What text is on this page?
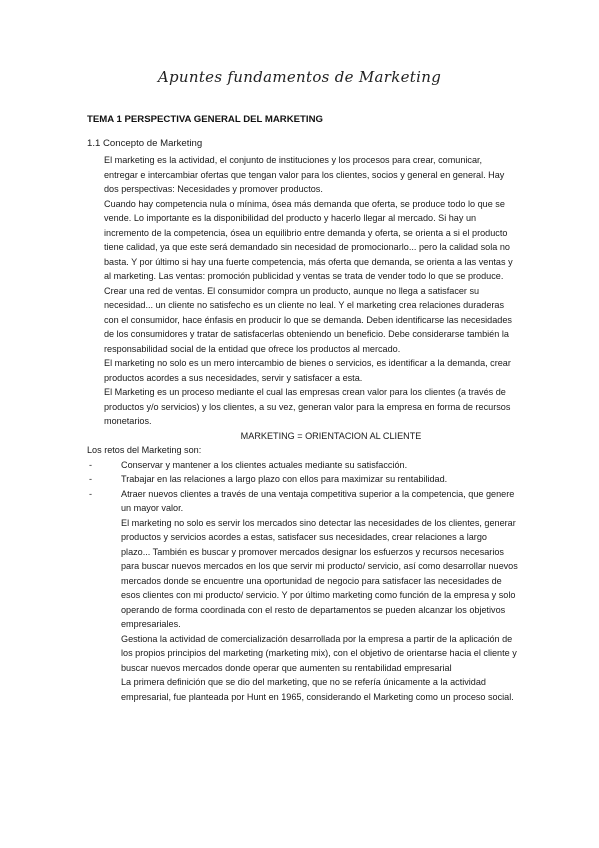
Apuntes fundamentos de Marketing
TEMA 1 PERSPECTIVA GENERAL DEL MARKETING
1.1 Concepto de Marketing

El marketing es la actividad, el conjunto de instituciones y los procesos para crear, comunicar, entregar e intercambiar ofertas que tengan valor para los clientes, socios y general en general. Hay dos perspectivas: Necesidades y promover productos.

Cuando hay competencia nula o mínima, ósea más demanda que oferta, se produce todo lo que se vende. Lo importante es la disponibilidad del producto y hacerlo llegar al mercado. Si hay un incremento de la competencia, ósea un equilibrio entre demanda y oferta, se orienta a si el producto tiene calidad, ya que este será demandado sin necesidad de promocionarlo... pero la calidad sola no basta. Y por último si hay una fuerte competencia, más oferta que demanda, se orienta a las ventas y al marketing. Las ventas: promoción publicidad y ventas se trata de vender todo lo que se produce. Crear una red de ventas. El consumidor compra un producto, aunque no llega a satisfacer su necesidad... un cliente no satisfecho es un cliente no leal. Y el marketing crea relaciones duraderas con el consumidor, hace énfasis en producir lo que se demanda. Deben identificarse las necesidades de los consumidores y tratar de satisfacerlas obteniendo un beneficio. Debe considerarse también la responsabilidad social de la entidad que ofrece los productos al mercado.

El marketing no solo es un mero intercambio de bienes o servicios, es identificar a la demanda, crear productos acordes a sus necesidades, servir y satisfacer a esta.

El Marketing es un proceso mediante el cual las empresas crean valor para los clientes (a través de productos y/o servicios) y los clientes, a su vez, generan valor para la empresa en forma de recursos monetarios.

MARKETING = ORIENTACION AL CLIENTE

Los retos del Marketing son:

- Conservar y mantener a los clientes actuales mediante su satisfacción.
- Trabajar en las relaciones a largo plazo con ellos para maximizar su rentabilidad.
- Atraer nuevos clientes a través de una ventaja competitiva superior a la competencia, que genere un mayor valor.

El marketing no solo es servir los mercados sino detectar las necesidades de los clientes, generar productos y servicios acordes a estas, satisfacer sus necesidades, crear relaciones a largo plazo... También es buscar y promover mercados designar los esfuerzos y recursos necesarios para buscar nuevos mercados en los que servir mi producto/ servicio, así como desarrollar nuevos mercados donde se encuentre una oportunidad de negocio para satisfacer las necesidades de esos clientes con mi producto/ servicio. Y por último marketing como función de la empresa y solo operando de forma coordinada con el resto de departamentos se pueden alcanzar los objetivos empresariales.

Gestiona la actividad de comercialización desarrollada por la empresa a partir de la aplicación de los propios principios del marketing (marketing mix), con el objetivo de orientarse hacia el cliente y buscar nuevos mercados donde operar que aumenten su rentabilidad empresarial

La primera definición que se dio del marketing, que no se refería únicamente a la actividad empresarial, fue planteada por Hunt en 1965, considerando el Marketing como un proceso social.
